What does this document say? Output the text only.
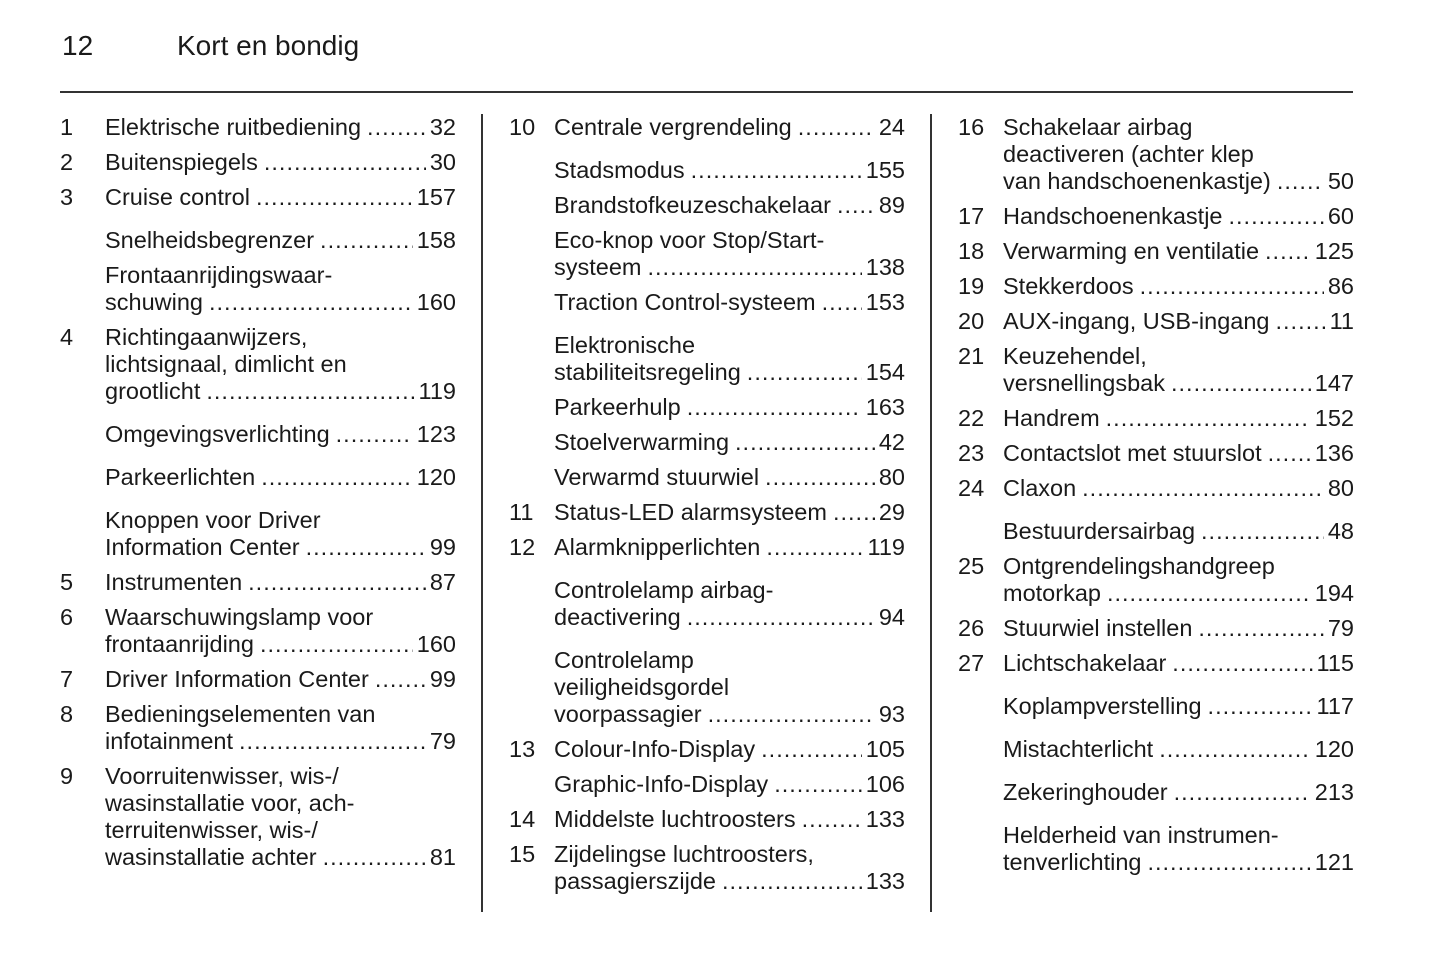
12	Kort en bondig
1 Elektrische ruitbediening .....	32
2 Buitenspiegels .....	30
3 Cruise control .....	157
Snelheidsbegrenzer .....	158
Frontaanrijdingswaar-
schuwing .....	160
4 Richtingaanwijzers,
lichtsignaal, dimlicht en
grootlicht .....	119
Omgevingsverlichting .....	123
Parkeerlichten .....	120
Knoppen voor Driver
Information Center .....	99
5 Instrumenten .....	87
6 Waarschuwingslamp voor
frontaanrijding .....	160
7 Driver Information Center .....	99
8 Bedieningselementen van
infotainment .....	79
9 Voorruitenwisser, wis-/
wasinstallatie voor, ach-
terruitenwisser, wis-/
wasinstallatie achter .....	81
10 Centrale vergrendeling .....	24
Stadsmodus .....	155
Brandstofkeuzeschakelaar ..... 89
Eco-knop voor Stop/Start-
systeem .....	138
Traction Control-systeem ..... 153
Elektronische
stabiliteitsregeling .....	154
Parkeerhulp .....	163
Stoelverwarming .....	42
Verwarmd stuurwiel .....	80
11 Status-LED alarmsysteem ..... 29
12 Alarmknipperlichten .....	119
Controlelamp airbag-
deactivering .....	94
Controlelamp
veiligheidsgordel
voorpassagier .....	93
13 Colour-Info-Display .....	105
Graphic-Info-Display .....	106
14 Middelste luchtroosters .....	133
15 Zijdelingse luchtroosters,
passagierszijde .....	133
16 Schakelaar airbag
deactiveren (achter klep
van handschoenenkastje) ..... 50
17 Handschoenenkastje .....	60
18 Verwarming en ventilatie ..... 125
19 Stekkerdoos .....	86
20 AUX-ingang, USB-ingang .....	11
21 Keuzehendel,
versnellingsbak .....	147
22 Handrem .....	152
23 Contactslot met stuurslot ..... 136
24 Claxon .....	80
Bestuurdersairbag .....	48
25 Ontgrendelingshandgreep
motorkap .....	194
26 Stuurwiel instellen .....	79
27 Lichtschakelaar .....	115
Koplampverstelling .....	117
Mistachterlicht .....	120
Zekeringhouder .....	213
Helderheid van instrumen-
tenverlichting .....	121
